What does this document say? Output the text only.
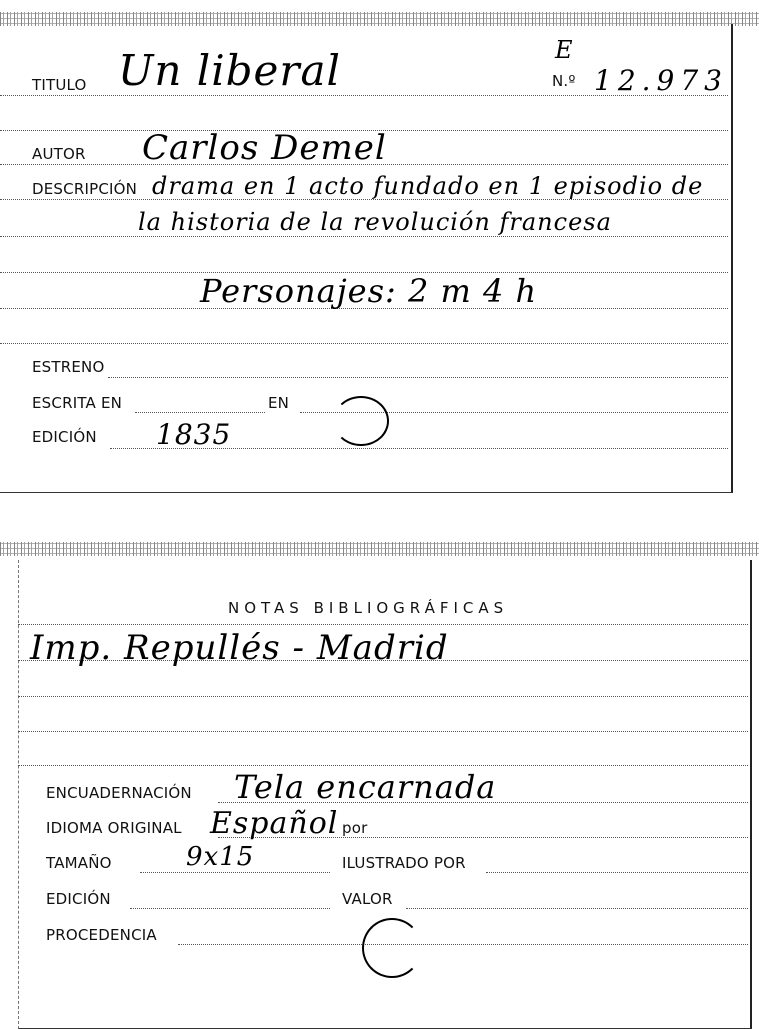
E
TITULO Un liberal	N.º 12.973
AUTOR Carlos Demel
DESCRIPCIÓN drama en 1 acto fundado en 1 episodio de
la historia de la revolución francesa
Personajes: 2 m 4 h
ESTRENO
ESCRITA EN	EN
EDICIÓN 1835
NOTAS BIBLIOGRÁFICAS
Imp. Repullés - Madrid
ENCUADERNACIÓN Tela encarnada
IDIOMA ORIGINAL Español por
TAMAÑO	9x15	ILUSTRADO POR
EDICIÓN	VALOR
PROCEDENCIA
